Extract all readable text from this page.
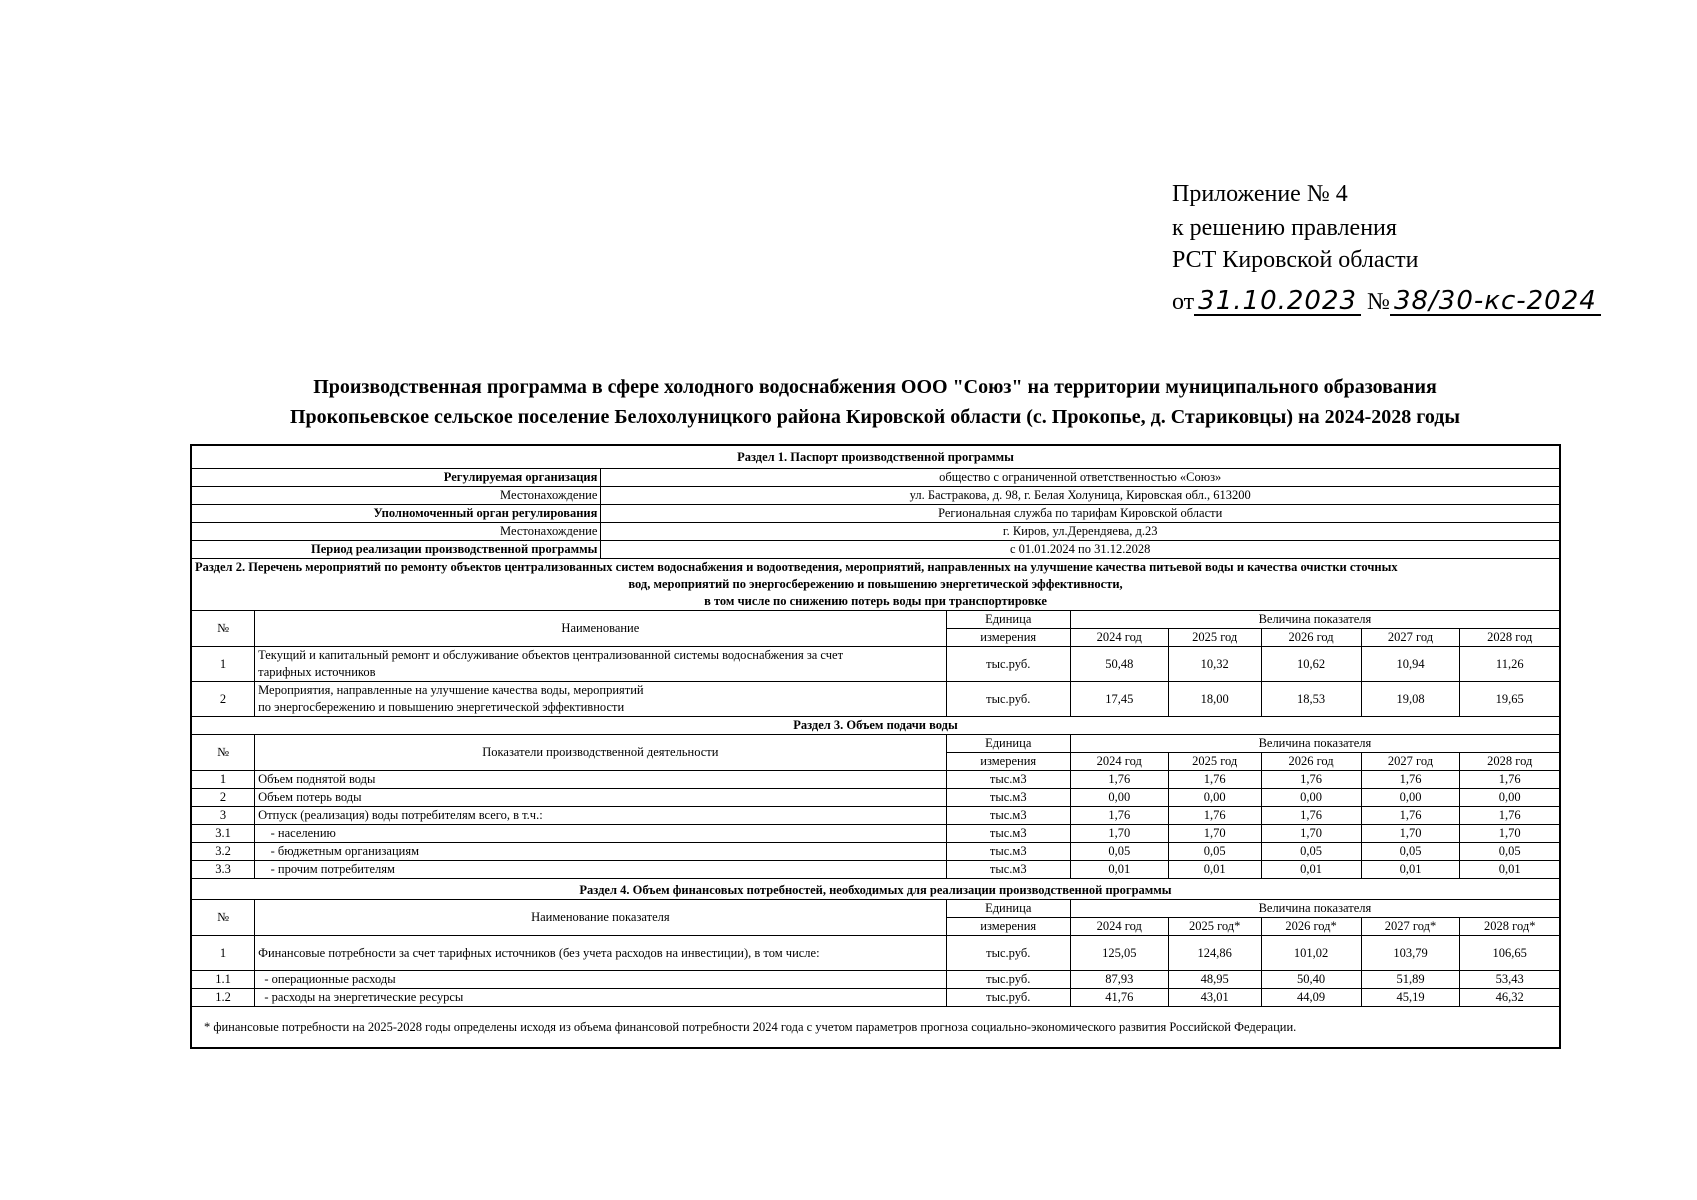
Приложение № 4
к решению правления
РСТ Кировской области
от 31.10.2023 № 38/30-кс-2024
Производственная программа в сфере холодного водоснабжения ООО "Союз" на территории муниципального образования
Прокопьевское сельское поселение Белохолуницкого района Кировской области (с. Прокопье, д. Стариковцы) на 2024-2028 годы
Раздел 1. Паспорт производственной программы								
Регулируемая организация		общество с ограниченной ответственностью «Союз»						
Местонахождение		ул. Бастракова, д. 98, г. Белая Холуница, Кировская обл., 613200						
Уполномоченный орган регулирования		Региональная служба по тарифам Кировской области						
Местонахождение		г. Киров, ул.Дерендяева, д.23						
Период реализации производственной программы		с 01.01.2024 по 31.12.2028						

Раздел 2. Перечень мероприятий по ремонту объектов централизованных систем водоснабжения и водоотведения, мероприятий, направленных на улучшение качества питьевой воды и качества очистки сточных
вод, мероприятий по энергосбережению и повышению энергетической эффективности,
в том числе по снижению потерь воды при транспортировке								

№	Наименование		Единица	Величина показателя				
			измерения	2024 год	2025 год	2026 год	2027 год	2028 год
1	Текущий и капитальный ремонт и обслуживание объектов централизованной системы водоснабжения за счет
тарифных источников		тыс.руб.	50,48	10,32	10,62	10,94	11,26
2	Мероприятия, направленные на улучшение качества воды, мероприятий
по энергосбережению и повышению энергетической эффективности		тыс.руб.	17,45	18,00	18,53	19,08	19,65
Раздел 3. Объем подачи воды								
№	Показатели производственной деятельности		Единица	Величина показателя				
			измерения	2024 год	2025 год	2026 год	2027 год	2028 год
1	Объем поднятой воды		тыс.м3	1,76	1,76	1,76	1,76	1,76
2	Объем потерь воды		тыс.м3	0,00	0,00	0,00	0,00	0,00
3	Отпуск (реализация) воды потребителям всего, в т.ч.:		тыс.м3	1,76	1,76	1,76	1,76	1,76
3.1	- населению		тыс.м3	1,70	1,70	1,70	1,70	1,70
3.2	- бюджетным организациям		тыс.м3	0,05	0,05	0,05	0,05	0,05
3.3	- прочим потребителям		тыс.м3	0,01	0,01	0,01	0,01	0,01
Раздел 4. Объем финансовых потребностей, необходимых для реализации производственной программы								
№	Наименование показателя		Единица	Величина показателя				
			измерения	2024 год	2025 год*	2026 год*	2027 год*	2028 год*
1	Финансовые потребности за счет тарифных источников (без учета расходов на инвестиции), в том числе:		тыс.руб.	125,05	124,86	101,02	103,79	106,65
1.1	- операционные расходы		тыс.руб.	87,93	48,95	50,40	51,89	53,43
1.2	- расходы на энергетические ресурсы		тыс.руб.	41,76	43,01	44,09	45,19	46,32
* финансовые потребности на 2025-2028 годы определены исходя из объема финансовой потребности 2024 года с учетом параметров прогноза социально-экономического развития Российской Федерации.								
